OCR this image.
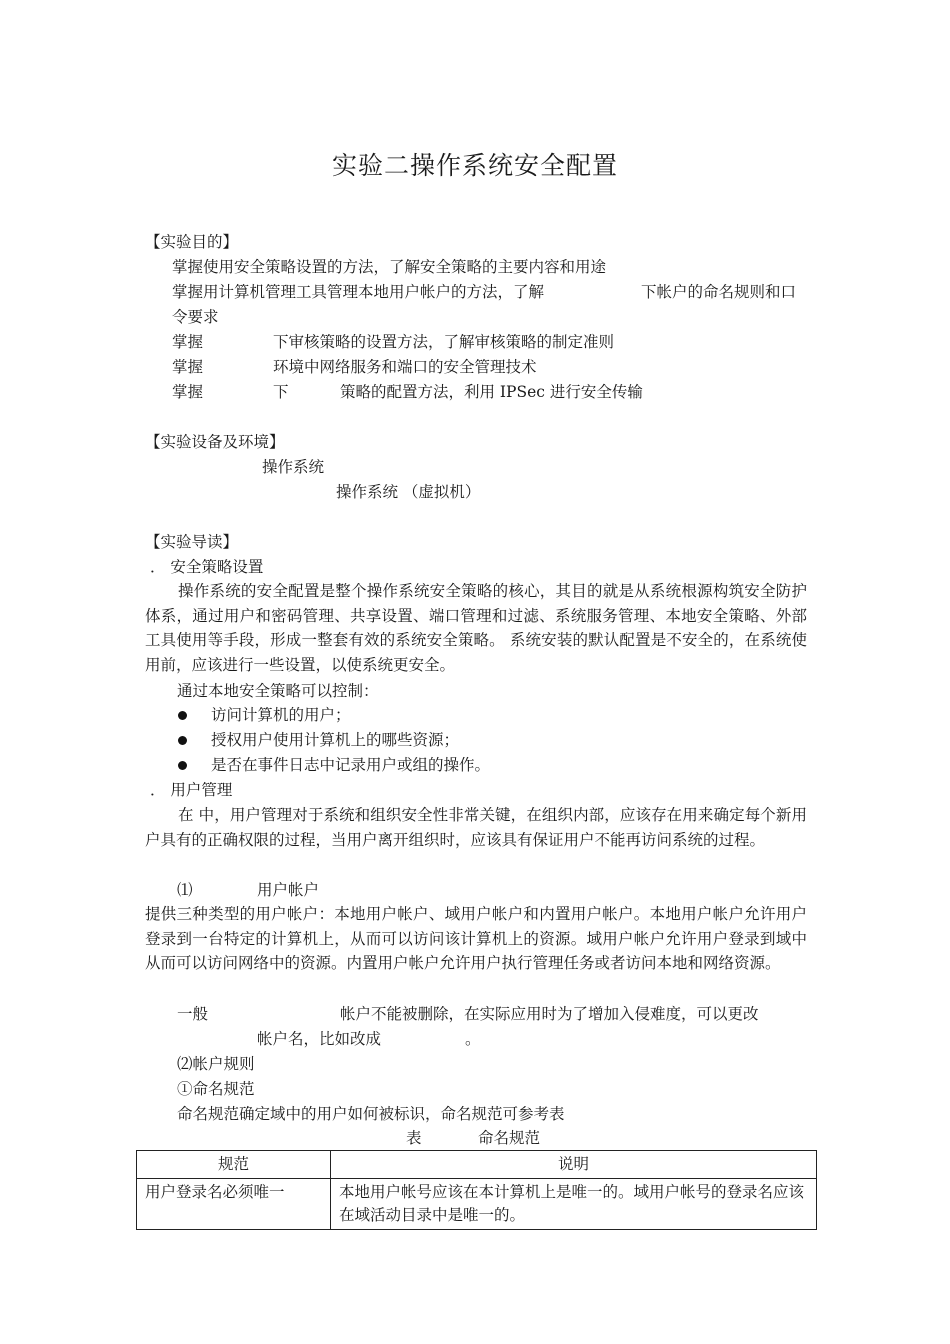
实验二操作系统安全配置
【实验目的】
掌握使用安全策略设置的方法，了解安全策略的主要内容和用途
掌握用计算机管理工具管理本地用户帐户的方法，了解	下帐户的命名规则和口
令要求
掌握	下审核策略的设置方法，了解审核策略的制定准则
掌握	环境中网络服务和端口的安全管理技术
掌握	下	策略的配置方法，利用 IPSec 进行安全传输
【实验设备及环境】
操作系统
操作系统 （虚拟机）
【实验导读】
． 安全策略设置
操作系统的安全配置是整个操作系统安全策略的核心，其目的就是从系统根源构筑安全防护体系，通过用户和密码管理、共享设置、端口管理和过滤、系统服务管理、本地安全策略、外部工具使用等手段，形成一整套有效的系统安全策略。 系统安装的默认配置是不安全的，在系统使用前，应该进行一些设置，以使系统更安全。
通过本地安全策略可以控制：
访问计算机的用户；
授权用户使用计算机上的哪些资源；
是否在事件日志中记录用户或组的操作。
． 用户管理
在 中，用户管理对于系统和组织安全性非常关键，在组织内部，应该存在用来确定每个新用户具有的正确权限的过程，当用户离开组织时，应该具有保证用户不能再访问系统的过程。
⑴	用户帐户
提供三种类型的用户帐户：本地用户帐户、域用户帐户和内置用户帐户。本地用户帐户允许用户登录到一台特定的计算机上，从而可以访问该计算机上的资源。域用户帐户允许用户登录到域中从而可以访问网络中的资源。内置用户帐户允许用户执行管理任务或者访问本地和网络资源。
一般	帐户不能被删除，在实际应用时为了增加入侵难度，可以更改
帐户名，比如改成	。
⑵帐户规则
①命名规范
命名规范确定域中的用户如何被标识，命名规范可参考表
表	命名规范
规范	说明
用户登录名必须唯一	本地用户帐号应该在本计算机上是唯一的。域用户帐号的登录名应该在域活动目录中是唯一的。
